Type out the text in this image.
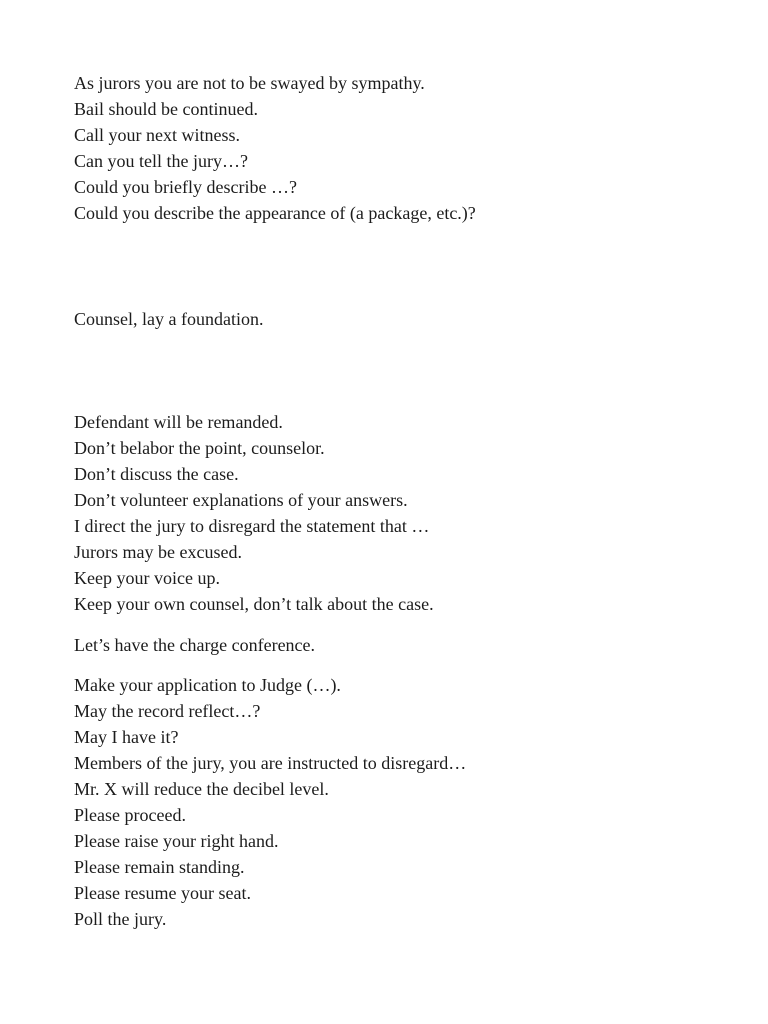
As jurors you are not to be swayed by sympathy.
Bail should be continued.
Call your next witness.
Can you tell the jury…?
Could you briefly describe …?
Could you describe the appearance of (a package, etc.)?
Counsel, lay a foundation.
Defendant will be remanded.
Don’t belabor the point, counselor.
Don’t discuss the case.
Don’t volunteer explanations of your answers.
I direct the jury to disregard the statement that …
Jurors may be excused.
Keep your voice up.
Keep your own counsel, don’t talk about the case.
Let’s have the charge conference.
Make your application to Judge (…).
May the record reflect…?
May I have it?
Members of the jury, you are instructed to disregard…
Mr. X will reduce the decibel level.
Please proceed.
Please raise your right hand.
Please remain standing.
Please resume your seat.
Poll the jury.
